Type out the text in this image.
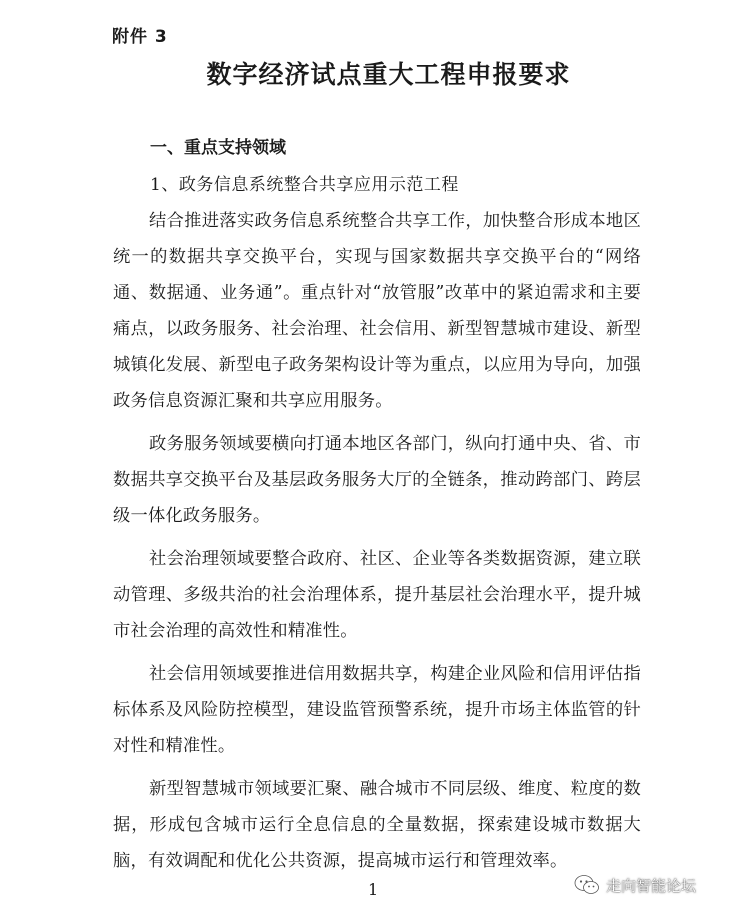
附件 3
数字经济试点重大工程申报要求
一、重点支持领域
1、政务信息系统整合共享应用示范工程

结合推进落实政务信息系统整合共享工作，加快整合形成本地区统一的数据共享交换平台，实现与国家数据共享交换平台的“网络通、数据通、业务通”。重点针对“放管服”改革中的紧迫需求和主要痛点，以政务服务、社会治理、社会信用、新型智慧城市建设、新型城镇化发展、新型电子政务架构设计等为重点，以应用为导向，加强政务信息资源汇聚和共享应用服务。

政务服务领域要横向打通本地区各部门，纵向打通中央、省、市数据共享交换平台及基层政务服务大厅的全链条，推动跨部门、跨层级一体化政务服务。

社会治理领域要整合政府、社区、企业等各类数据资源，建立联动管理、多级共治的社会治理体系，提升基层社会治理水平，提升城市社会治理的高效性和精准性。

社会信用领域要推进信用数据共享，构建企业风险和信用评估指标体系及风险防控模型，建设监管预警系统，提升市场主体监管的针对性和精准性。

新型智慧城市领域要汇聚、融合城市不同层级、维度、粒度的数据，形成包含城市运行全息信息的全量数据，探索建设城市数据大脑，有效调配和优化公共资源，提高城市运行和管理效率。

1	走向智能论坛
